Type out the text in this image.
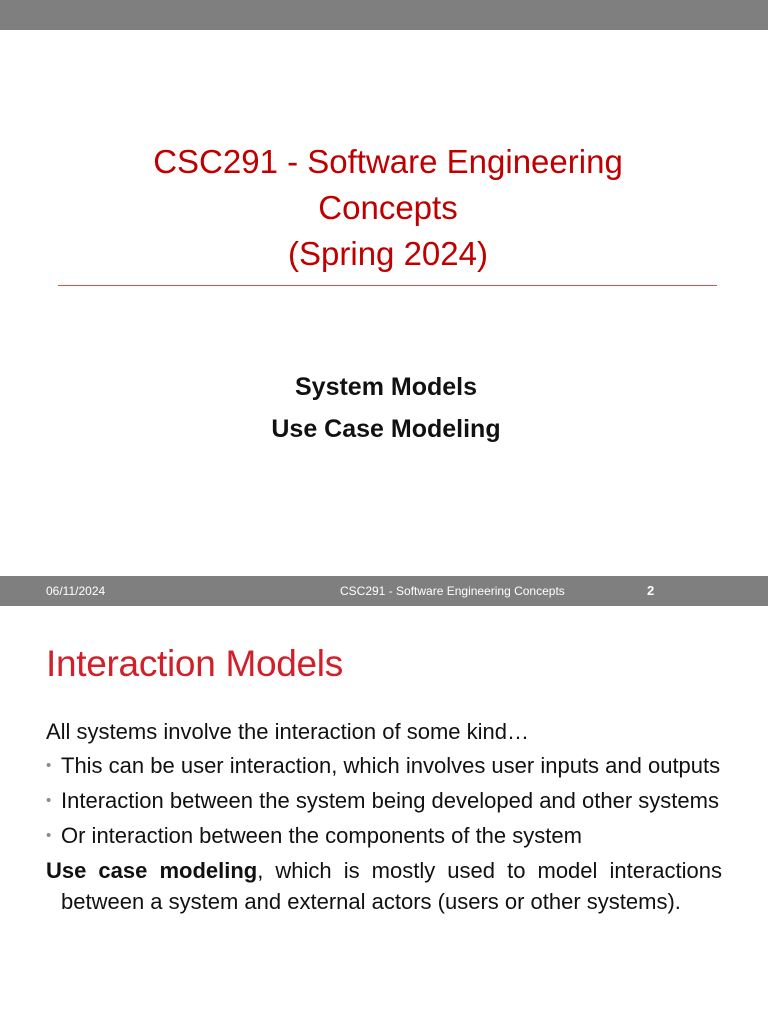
CSC291 - Software Engineering
Concepts
(Spring 2024)
System Models
Use Case Modeling
06/11/2024	CSC291 - Software Engineering Concepts	2
Interaction Models

All systems involve the interaction of some kind…

• This can be user interaction, which involves user inputs and outputs

• Interaction between the system being developed and other systems

• Or interaction between the components of the system

Use case modeling, which is mostly used to model interactions between a system and external actors (users or other systems).
